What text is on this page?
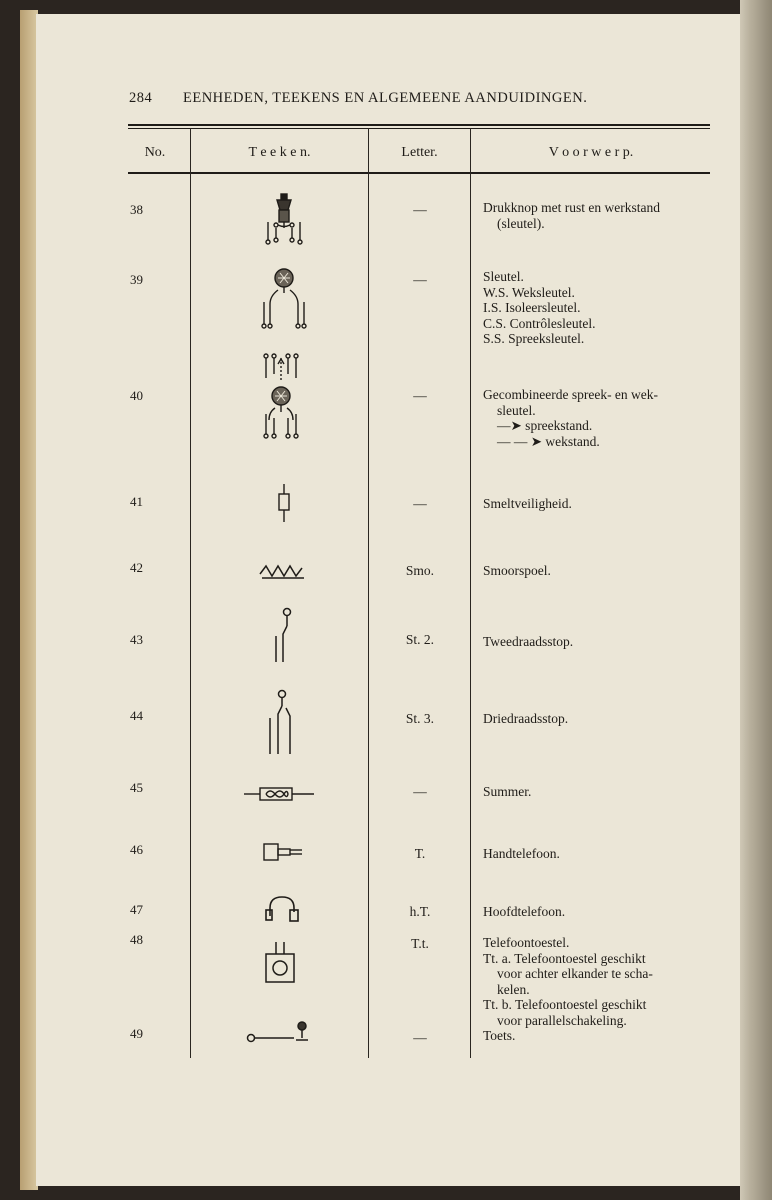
284 EENHEDEN, TEEKENS EN ALGEMEENE AANDUIDINGEN.
No.	T e e k e n.	Letter.	V o o r w e r p.
38	—	Drukknop met rust en werkstand
(sleutel).
39	—	Sleutel.
W.S. Weksleutel.
I.S. Isoleersleutel.
C.S. Contrôlesleutel.
S.S. Spreeksleutel.
40	—	Gecombineerde spreek- en wek-
sleutel.
—➤ spreekstand.
— — ➤ wekstand.
41	—	Smeltveiligheid.
42	Smo.	Smoorspoel.
43	St. 2.	Tweedraadsstop.
44	St. 3.	Driedraadsstop.
45	—	Summer.
46	T.	Handtelefoon.
47	h.T.	Hoofdtelefoon.
48	T.t.	Telefoontoestel.
Tt. a. Telefoontoestel geschikt
voor achter elkander te scha-
kelen.
Tt. b. Telefoontoestel geschikt
voor parallelschakeling.
49	—	Toets.
